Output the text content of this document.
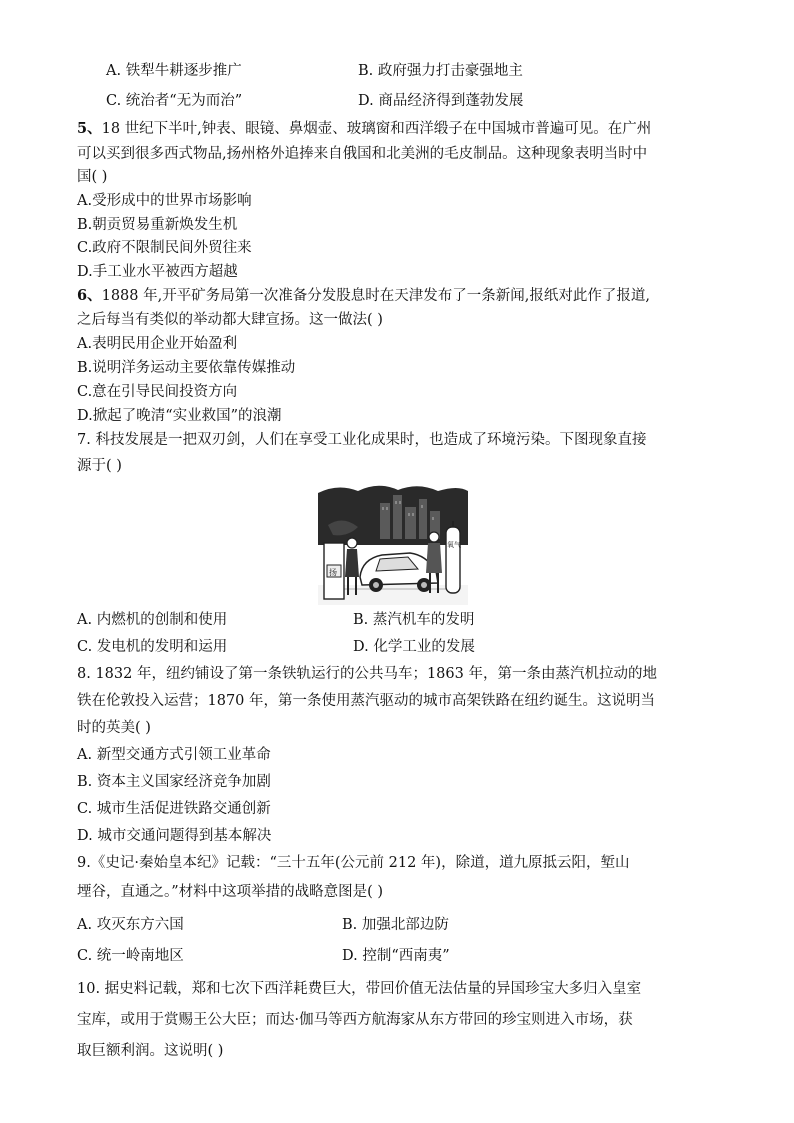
A. 铁犁牛耕逐步推广	B. 政府强力打击豪强地主
C. 统治者“无为而治”	D. 商品经济得到蓬勃发展
5、18 世纪下半叶,钟表、眼镜、鼻烟壶、玻璃窗和西洋缎子在中国城市普遍可见。在广州
可以买到很多西式物品,扬州格外追捧来自俄国和北美洲的毛皮制品。这种现象表明当时中
国( )
A.受形成中的世界市场影响
B.朝贡贸易重新焕发生机
C.政府不限制民间外贸往来
D.手工业水平被西方超越
6、1888 年,开平矿务局第一次准备分发股息时在天津发布了一条新闻,报纸对此作了报道,
之后每当有类似的举动都大肆宣扬。这一做法( )
A.表明民用企业开始盈利
B.说明洋务运动主要依靠传媒推动
C.意在引导民间投资方向
D.掀起了晚清“实业救国”的浪潮
7. 科技发展是一把双刃剑，人们在享受工业化成果时，也造成了环境污染。下图现象直接
源于( )
扬
氧气
A. 内燃机的创制和使用	B. 蒸汽机车的发明
C. 发电机的发明和运用	D. 化学工业的发展
8. 1832 年，纽约铺设了第一条铁轨运行的公共马车；1863 年，第一条由蒸汽机拉动的地
铁在伦敦投入运营；1870 年，第一条使用蒸汽驱动的城市高架铁路在纽约诞生。这说明当
时的英美( )
A. 新型交通方式引领工业革命
B. 资本主义国家经济竞争加剧
C. 城市生活促进铁路交通创新
D. 城市交通问题得到基本解决
9.《史记·秦始皇本纪》记载：“三十五年(公元前 212 年)，除道，道九原抵云阳，堑山
堙谷，直通之。”材料中这项举措的战略意图是( )
A. 攻灭东方六国	B. 加强北部边防
C. 统一岭南地区	D. 控制“西南夷”
10. 据史料记载，郑和七次下西洋耗费巨大，带回价值无法估量的异国珍宝大多归入皇室
宝库，或用于赏赐王公大臣；而达·伽马等西方航海家从东方带回的珍宝则进入市场，获
取巨额利润。这说明( )
